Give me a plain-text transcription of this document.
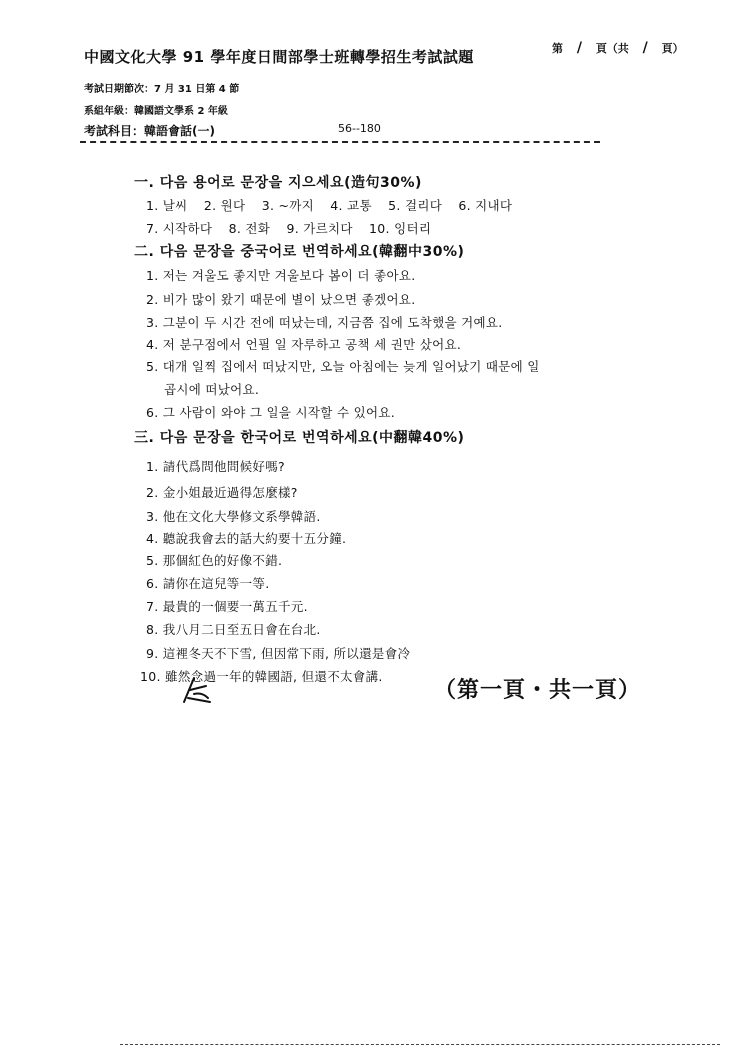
中國文化大學 91 學年度日間部學士班轉學招生考試試題	第 / 頁（共 / 頁）
考試日期節次：7 月 31 日第 4 節
系組年級：韓國語文學系 2 年級
考試科目：韓語會話(一)	56--180
一. 다음 용어로 문장을 지으세요(造句30%)
1. 날씨 2. 원다 3. ~까지 4. 교통 5. 걸리다 6. 지내다
7. 시작하다 8. 전화 9. 가르치다 10. 잉터리
二. 다음 문장을 중국어로 번역하세요(韓翻中30%)
1. 저는 겨울도 좋지만 겨울보다 봄이 더 좋아요.
2. 비가 많이 왔기 때문에 별이 났으면 좋겠어요.
3. 그분이 두 시간 전에 떠났는데, 지금쯤 집에 도착했을 거예요.
4. 저 분구점에서 언필 일 자루하고 공책 세 권만 샀어요.
5. 대개 일찍 집에서 떠났지만, 오늘 아침에는 늦게 일어났기 때문에 일
곱시에 떠났어요.
6. 그 사람이 와야 그 일을 시작할 수 있어요.
三. 다음 문장을 한국어로 번역하세요(中翻韓40%)
1. 請代爲問他問候好嗎?
2. 金小姐最近過得怎麼樣?
3. 他在文化大學修文系學韓語.
4. 聽說我會去的話大約要十五分鐘.
5. 那個紅色的好像不錯.
6. 請你在這兒等一等.
7. 最貴的一個要一萬五千元.
8. 我八月二日至五日會在台北.
9. 這裡冬天不下雪, 但因常下雨, 所以還是會冷
10. 雖然念過一年的韓國語, 但還不太會講.
（第一頁・共一頁）
